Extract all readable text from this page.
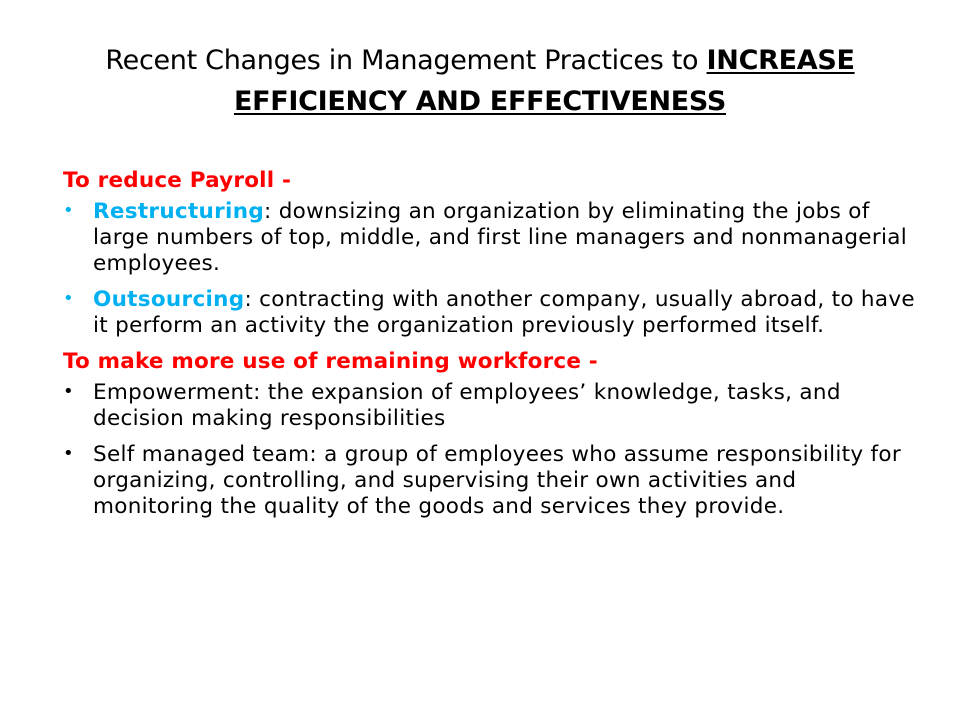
Recent Changes in Management Practices to INCREASE EFFICIENCY AND EFFECTIVENESS
To reduce Payroll -
• Restructuring: downsizing an organization by eliminating the jobs of large numbers of top, middle, and first line managers and nonmanagerial employees.
• Outsourcing: contracting with another company, usually abroad, to have it perform an activity the organization previously performed itself.
To make more use of remaining workforce -
• Empowerment: the expansion of employees’ knowledge, tasks, and decision making responsibilities
• Self managed team: a group of employees who assume responsibility for organizing, controlling, and supervising their own activities and monitoring the quality of the goods and services they provide.
